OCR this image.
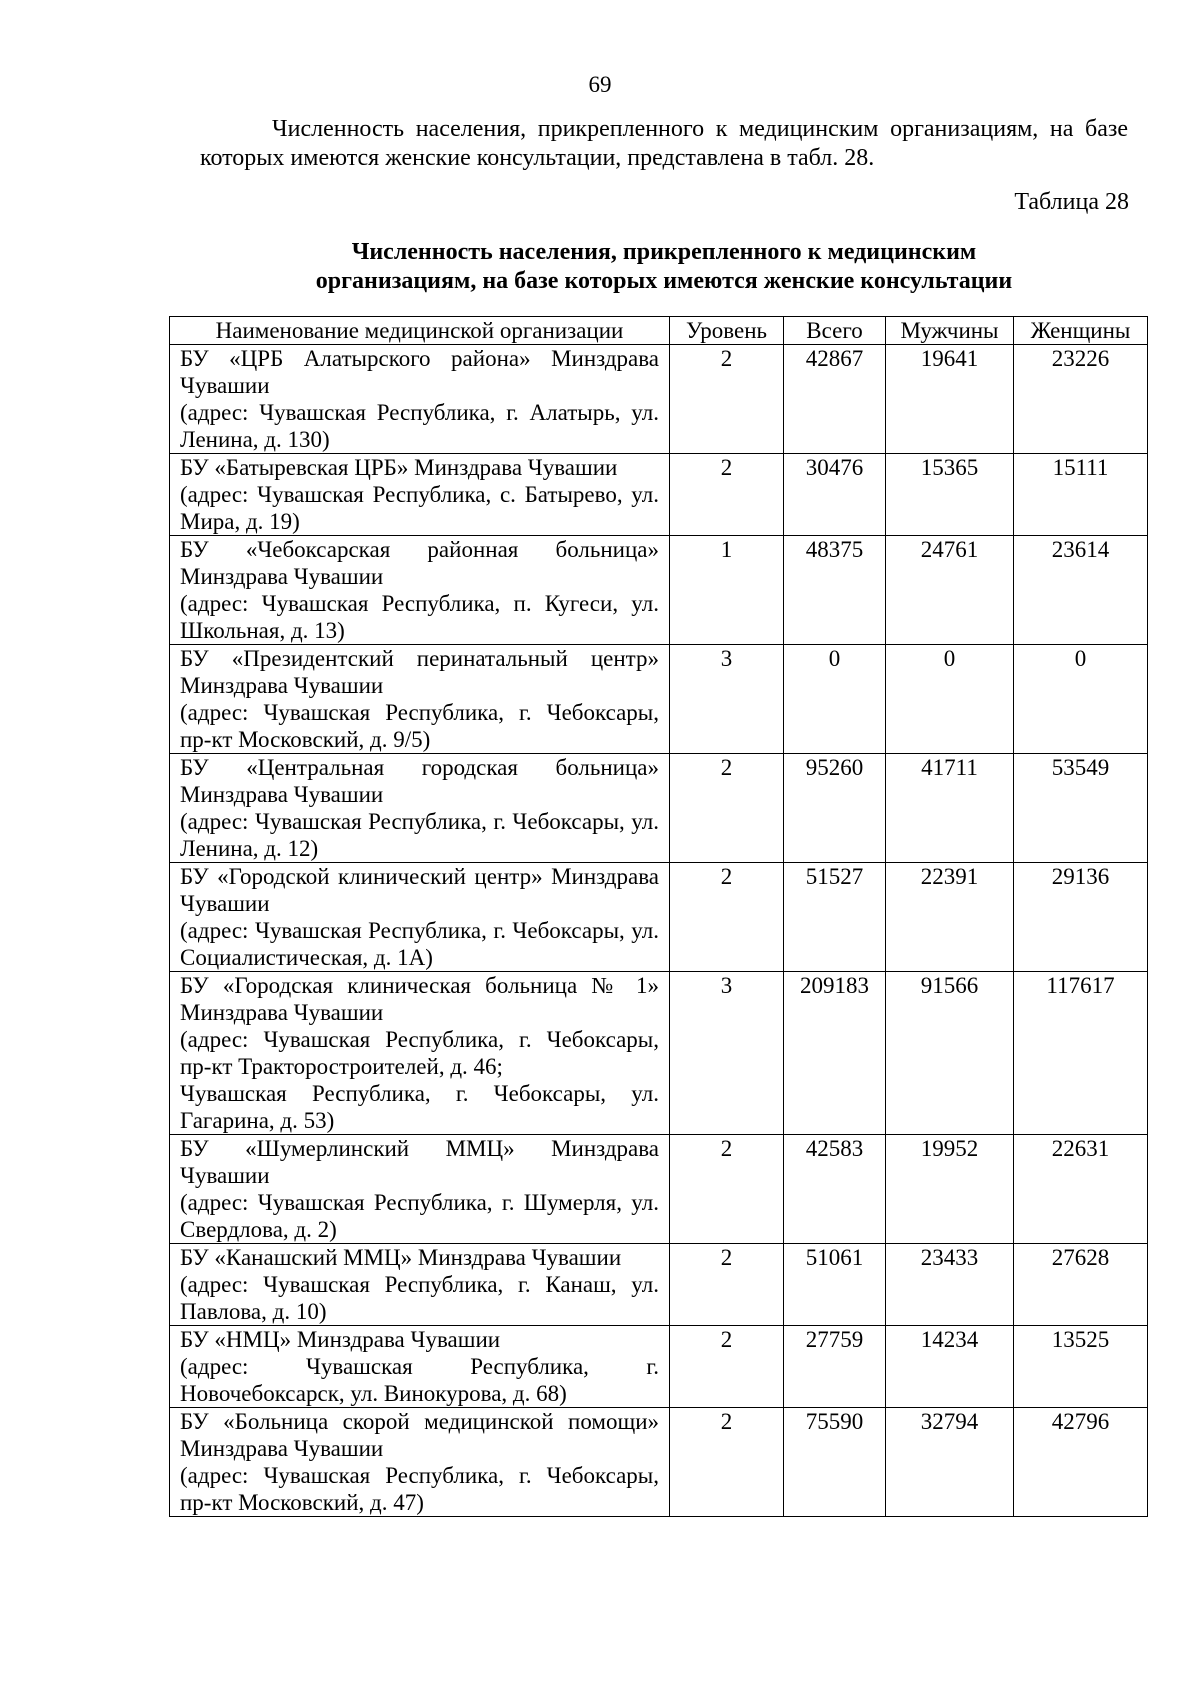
69

Численность населения, прикрепленного к медицинским организациям, на базе которых имеются женские консультации, представлена в табл. 28.

Таблица 28
Численность населения, прикрепленного к медицинским
организациям, на базе которых имеются женские консультации
Наименование медицинской организации	Уровень	Всего	Мужчины	Женщины

БУ «ЦРБ Алатырского района» Минздрава Чувашии
(адрес: Чувашская Республика, г. Алатырь, ул. Ленина, д. 130)	2	42867	19641	23226

БУ «Батыревская ЦРБ» Минздрава Чувашии
(адрес: Чувашская Республика, с. Батырево, ул. Мира, д. 19)	2	30476	15365	15111

БУ «Чебоксарская районная больница» Минздрава Чувашии
(адрес: Чувашская Республика, п. Кугеси, ул. Школьная, д. 13)	1	48375	24761	23614

БУ «Президентский перинатальный центр» Минздрава Чувашии
(адрес: Чувашская Республика, г. Чебоксары, пр-кт Московский, д. 9/5)	3	0	0	0

БУ «Центральная городская больница» Минздрава Чувашии
(адрес: Чувашская Республика, г. Чебоксары, ул. Ленина, д. 12)	2	95260	41711	53549

БУ «Городской клинический центр» Минздрава Чувашии
(адрес: Чувашская Республика, г. Чебоксары, ул. Социалистическая, д. 1А)	2	51527	22391	29136

БУ «Городская клиническая больница № 1» Минздрава Чувашии
(адрес: Чувашская Республика, г. Чебоксары, пр-кт Тракторостроителей, д. 46;
Чувашская Республика, г. Чебоксары, ул. Гагарина, д. 53)	3	209183	91566	117617

БУ «Шумерлинский ММЦ» Минздрава Чувашии
(адрес: Чувашская Республика, г. Шумерля, ул. Свердлова, д. 2)	2	42583	19952	22631

БУ «Канашский ММЦ» Минздрава Чувашии
(адрес: Чувашская Республика, г. Канаш, ул. Павлова, д. 10)	2	51061	23433	27628

БУ «НМЦ» Минздрава Чувашии
(адрес: Чувашская Республика, г. Новочебоксарск, ул. Винокурова, д. 68)	2	27759	14234	13525

БУ «Больница скорой медицинской помощи» Минздрава Чувашии
(адрес: Чувашская Республика, г. Чебоксары, пр-кт Московский, д. 47)	2	75590	32794	42796
